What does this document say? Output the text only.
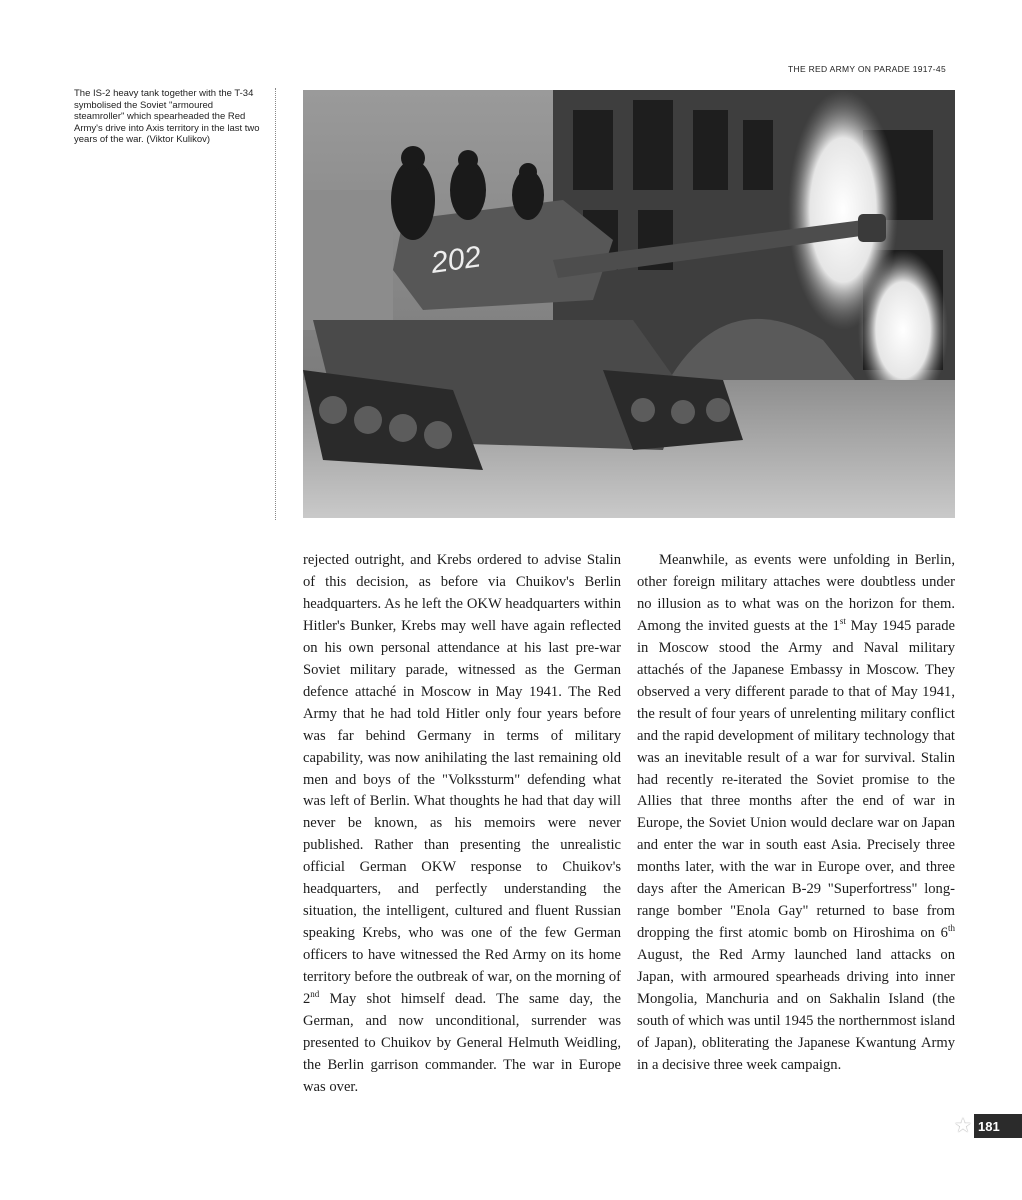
THE RED ARMY ON PARADE 1917-45
The IS-2 heavy tank together with the T-34 symbolised the Soviet "armoured steamroller" which spearheaded the Red Army's drive into Axis territory in the last two years of the war. (Viktor Kulikov)
202

rejected outright, and Krebs ordered to advise Stalin of this decision, as before via Chuikov's Berlin headquarters. As he left the OKW headquarters within Hitler's Bunker, Krebs may well have again reflected on his own personal attendance at his last pre-war Soviet military parade, witnessed as the German defence attaché in Moscow in May 1941. The Red Army that he had told Hitler only four years before was far behind Germany in terms of military capability, was now anihilating the last remaining old men and boys of the "Volkssturm" defending what was left of Berlin. What thoughts he had that day will never be known, as his memoirs were never published. Rather than presenting the unrealistic official German OKW response to Chuikov's headquarters, and perfectly understanding the situation, the intelligent, cultured and fluent Russian speaking Krebs, who was one of the few German officers to have witnessed the Red Army on its home territory before the outbreak of war, on the morning of 2nd May shot himself dead. The same day, the German, and now unconditional, surrender was presented to Chuikov by General Helmuth Weidling, the Berlin garrison commander. The war in Europe was over.

Meanwhile, as events were unfolding in Berlin, other foreign military attaches were doubtless under no illusion as to what was on the horizon for them. Among the invited guests at the 1st May 1945 parade in Moscow stood the Army and Naval military attachés of the Japanese Embassy in Moscow. They observed a very different parade to that of May 1941, the result of four years of unrelenting military conflict and the rapid development of military technology that was an inevitable result of a war for survival. Stalin had recently re-iterated the Soviet promise to the Allies that three months after the end of war in Europe, the Soviet Union would declare war on Japan and enter the war in south east Asia. Precisely three months later, with the war in Europe over, and three days after the American B-29 "Superfortress" long-range bomber "Enola Gay" returned to base from dropping the first atomic bomb on Hiroshima on 6th August, the Red Army launched land attacks on Japan, with armoured spearheads driving into inner Mongolia, Manchuria and on Sakhalin Island (the south of which was until 1945 the northernmost island of Japan), obliterating the Japanese Kwantung Army in a decisive three week campaign.

★ 181
